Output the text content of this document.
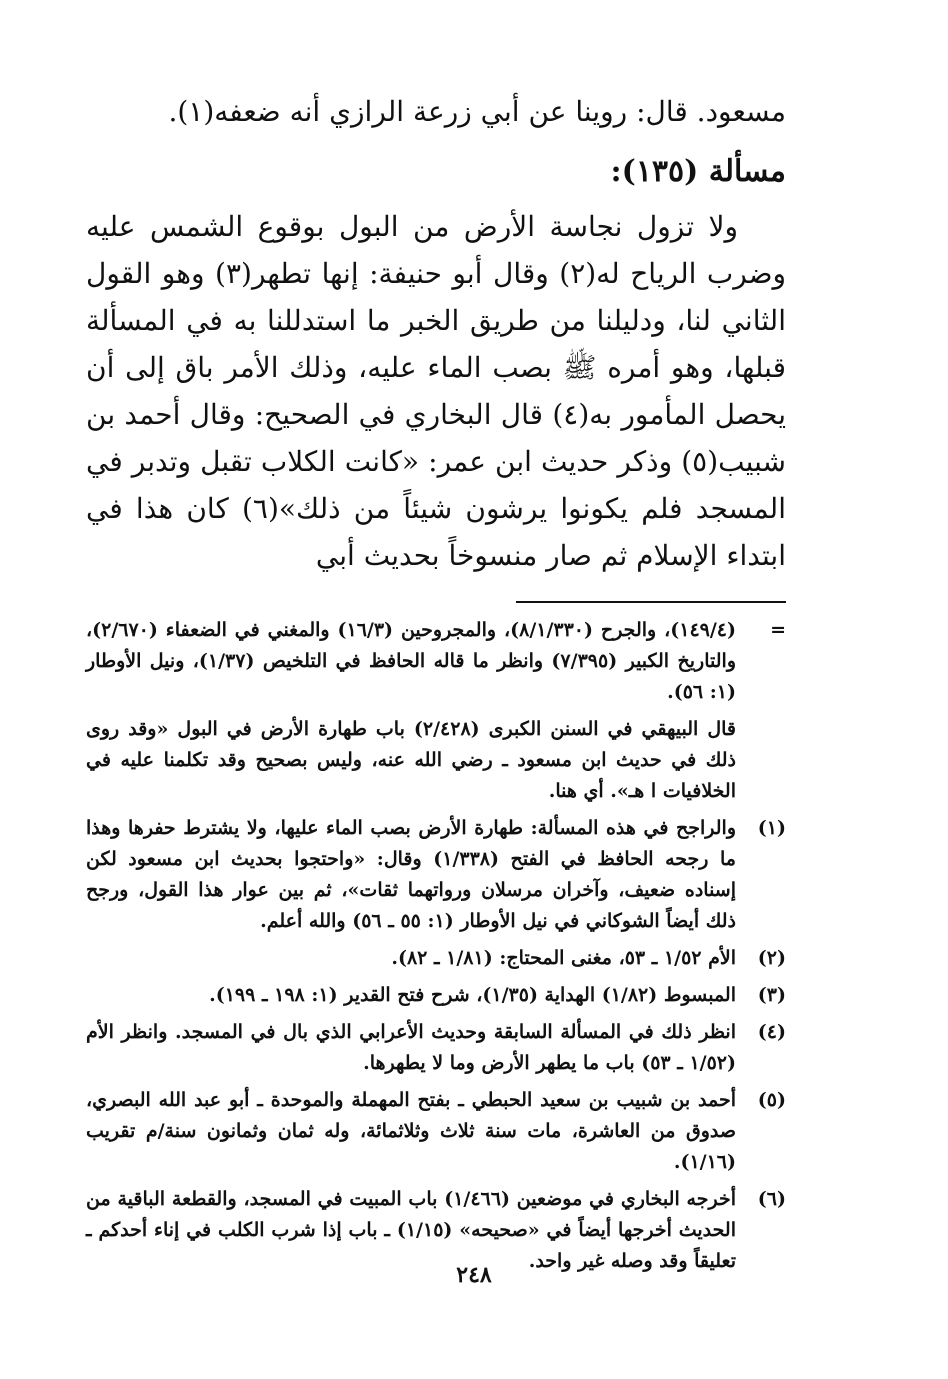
مسعود. قال: روينا عن أبي زرعة الرازي أنه ضعفه(١).
مسألة (١٣٥):
ولا تزول نجاسة الأرض من البول بوقوع الشمس عليه وضرب الرياح له(٢) وقال أبو حنيفة: إنها تطهر(٣) وهو القول الثاني لنا، ودليلنا من طريق الخبر ما استدللنا به في المسألة قبلها، وهو أمره ﷺ بصب الماء عليه، وذلك الأمر باق إلى أن يحصل المأمور به(٤) قال البخاري في الصحيح: وقال أحمد بن شبيب(٥) وذكر حديث ابن عمر: «كانت الكلاب تقبل وتدبر في المسجد فلم يكونوا يرشون شيئاً من ذلك»(٦) كان هذا في ابتداء الإسلام ثم صار منسوخاً بحديث أبي
=
(١٤٩/٤)، والجرح (٨/١/٣٣٠)، والمجروحين (١٦/٣) والمغني في الضعفاء (٢/٦٧٠)، والتاريخ الكبير (٧/٣٩٥) وانظر ما قاله الحافظ في التلخيص (١/٣٧)، ونيل الأوطار (١: ٥٦).
قال البيهقي في السنن الكبرى (٢/٤٢٨) باب طهارة الأرض في البول «وقد روى ذلك في حديث ابن مسعود ـ رضي الله عنه، وليس بصحيح وقد تكلمنا عليه في الخلافيات ا هـ». أي هنا.
(١)
والراجح في هذه المسألة: طهارة الأرض بصب الماء عليها، ولا يشترط حفرها وهذا ما رجحه الحافظ في الفتح (١/٣٣٨) وقال: «واحتجوا بحديث ابن مسعود لكن إسناده ضعيف، وآخران مرسلان ورواتهما ثقات»، ثم بين عوار هذا القول، ورجح ذلك أيضاً الشوكاني في نيل الأوطار (١: ٥٥ ـ ٥٦) والله أعلم.
(٢)
الأم ١/٥٢ ـ ٥٣، مغنى المحتاج: (١/٨١ ـ ٨٢).
(٣)
المبسوط (١/٨٢) الهداية (١/٣٥)، شرح فتح القدير (١: ١٩٨ ـ ١٩٩).
(٤)
انظر ذلك في المسألة السابقة وحديث الأعرابي الذي بال في المسجد. وانظر الأم (١/٥٢ ـ ٥٣) باب ما يطهر الأرض وما لا يطهرها.
(٥)
أحمد بن شبيب بن سعيد الحبطي ـ بفتح المهملة والموحدة ـ أبو عبد الله البصري، صدوق من العاشرة، مات سنة ثلاث وثلاثمائة، وله ثمان وثمانون سنة/م تقريب (١/١٦).
(٦)
أخرجه البخاري في موضعين (١/٤٦٦) باب المبيت في المسجد، والقطعة الباقية من الحديث أخرجها أيضاً في «صحيحه» (١/١٥) ـ باب إذا شرب الكلب في إناء أحدكم ـ تعليقاً وقد وصله غير واحد.
٢٤٨
